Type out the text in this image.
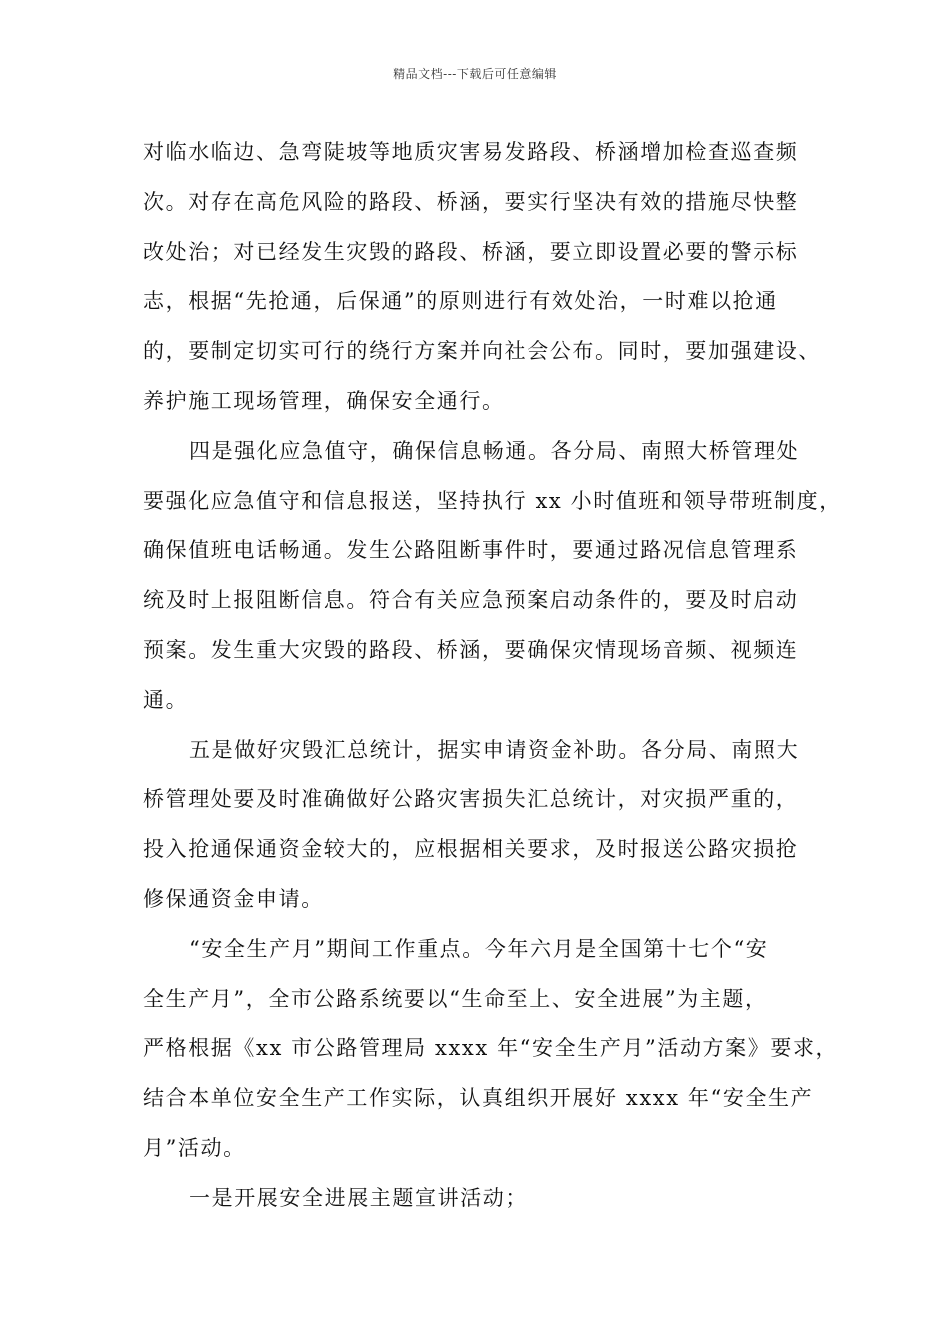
精品文档---下载后可任意编辑
对临水临边、急弯陡坡等地质灾害易发路段、桥涵增加检查巡查频
次。对存在高危风险的路段、桥涵，要实行坚决有效的措施尽快整
改处治；对已经发生灾毁的路段、桥涵，要立即设置必要的警示标
志，根据“先抢通，后保通”的原则进行有效处治，一时难以抢通
的，要制定切实可行的绕行方案并向社会公布。同时，要加强建设、
养护施工现场管理，确保安全通行。
四是强化应急值守，确保信息畅通。各分局、南照大桥管理处
要强化应急值守和信息报送，坚持执行 xx 小时值班和领导带班制度，
确保值班电话畅通。发生公路阻断事件时，要通过路况信息管理系
统及时上报阻断信息。符合有关应急预案启动条件的，要及时启动
预案。发生重大灾毁的路段、桥涵，要确保灾情现场音频、视频连
通。
五是做好灾毁汇总统计，据实申请资金补助。各分局、南照大
桥管理处要及时准确做好公路灾害损失汇总统计，对灾损严重的，
投入抢通保通资金较大的，应根据相关要求，及时报送公路灾损抢
修保通资金申请。
“安全生产月”期间工作重点。今年六月是全国第十七个“安
全生产月”，全市公路系统要以“生命至上、安全进展”为主题，
严格根据《xx 市公路管理局 xxxx 年“安全生产月”活动方案》要求，
结合本单位安全生产工作实际，认真组织开展好 xxxx 年“安全生产
月”活动。
一是开展安全进展主题宣讲活动；
